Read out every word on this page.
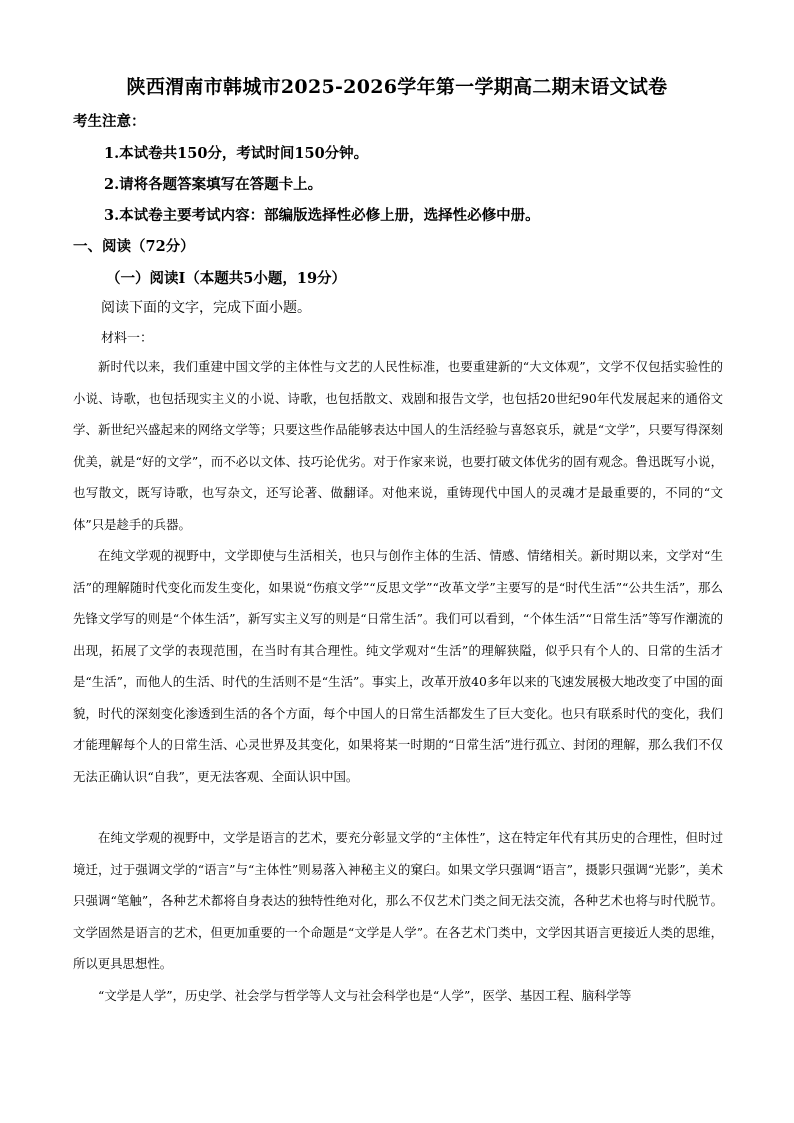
陕西渭南市韩城市2025-2026学年第一学期高二期末语文试卷
考生注意：
1.本试卷共150分，考试时间150分钟。
2.请将各题答案填写在答题卡上。
3.本试卷主要考试内容：部编版选择性必修上册，选择性必修中册。
一、阅读（72分）
（一）阅读Ⅰ（本题共5小题，19分）
阅读下面的文字，完成下面小题。
材料一：
新时代以来，我们重建中国文学的主体性与文艺的人民性标准，也要重建新的“大文体观”，文学不仅包括实验性的小说、诗歌，也包括现实主义的小说、诗歌，也包括散文、戏剧和报告文学，也包括20世纪90年代发展起来的通俗文学、新世纪兴盛起来的网络文学等；只要这些作品能够表达中国人的生活经验与喜怒哀乐，就是“文学”，只要写得深刻优美，就是“好的文学”，而不必以文体、技巧论优劣。对于作家来说，也要打破文体优劣的固有观念。鲁迅既写小说，也写散文，既写诗歌，也写杂文，还写论著、做翻译。对他来说，重铸现代中国人的灵魂才是最重要的，不同的“文体”只是趁手的兵器。
在纯文学观的视野中，文学即使与生活相关，也只与创作主体的生活、情感、情绪相关。新时期以来，文学对“生活”的理解随时代变化而发生变化，如果说“伤痕文学”“反思文学”“改革文学”主要写的是“时代生活”“公共生活”，那么先锋文学写的则是“个体生活”，新写实主义写的则是“日常生活”。我们可以看到，“个体生活”“日常生活”等写作潮流的出现，拓展了文学的表现范围，在当时有其合理性。纯文学观对“生活”的理解狭隘，似乎只有个人的、日常的生活才是“生活”，而他人的生活、时代的生活则不是“生活”。事实上，改革开放40多年以来的飞速发展极大地改变了中国的面貌，时代的深刻变化渗透到生活的各个方面，每个中国人的日常生活都发生了巨大变化。也只有联系时代的变化，我们才能理解每个人的日常生活、心灵世界及其变化，如果将某一时期的“日常生活”进行孤立、封闭的理解，那么我们不仅无法正确认识“自我”，更无法客观、全面认识中国。
在纯文学观的视野中，文学是语言的艺术，要充分彰显文学的“主体性”，这在特定年代有其历史的合理性，但时过境迁，过于强调文学的“语言”与“主体性”则易落入神秘主义的窠臼。如果文学只强调“语言”，摄影只强调“光影”，美术只强调“笔触”，各种艺术都将自身表达的独特性绝对化，那么不仅艺术门类之间无法交流，各种艺术也将与时代脱节。文学固然是语言的艺术，但更加重要的一个命题是“文学是人学”。在各艺术门类中，文学因其语言更接近人类的思维，所以更具思想性。
“文学是人学”，历史学、社会学与哲学等人文与社会科学也是“人学”，医学、基因工程、脑科学等
